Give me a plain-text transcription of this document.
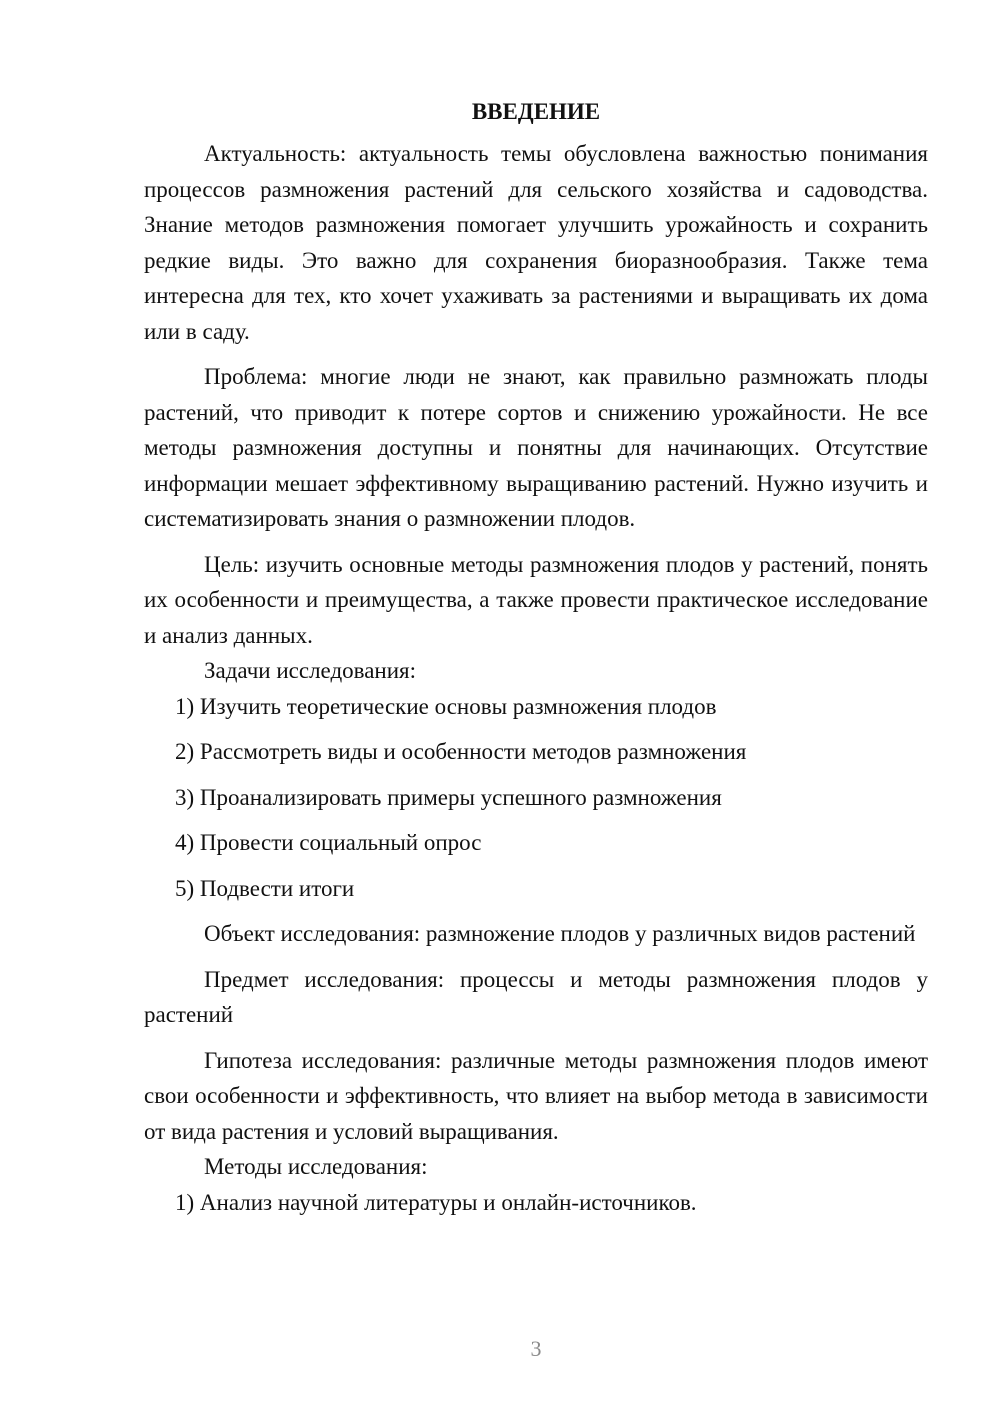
ВВЕДЕНИЕ

Актуальность: актуальность темы обусловлена важностью понимания процессов размножения растений для сельского хозяйства и садоводства. Знание методов размножения помогает улучшить урожайность и сохранить редкие виды. Это важно для сохранения биоразнообразия. Также тема интересна для тех, кто хочет ухаживать за растениями и выращивать их дома или в саду.

Проблема: многие люди не знают, как правильно размножать плоды растений, что приводит к потере сортов и снижению урожайности. Не все методы размножения доступны и понятны для начинающих. Отсутствие информации мешает эффективному выращиванию растений. Нужно изучить и систематизировать знания о размножении плодов.

Цель: изучить основные методы размножения плодов у растений, понять их особенности и преимущества, а также провести практическое исследование и анализ данных.

Задачи исследования:

1) Изучить теоретические основы размножения плодов
2) Рассмотреть виды и особенности методов размножения
3) Проанализировать примеры успешного размножения
4) Провести социальный опрос
5) Подвести итоги

Объект исследования: размножение плодов у различных видов растений

Предмет исследования: процессы и методы размножения плодов у растений

Гипотеза исследования: различные методы размножения плодов имеют свои особенности и эффективность, что влияет на выбор метода в зависимости от вида растения и условий выращивания.

Методы исследования:

1) Анализ научной литературы и онлайн-источников.
3
